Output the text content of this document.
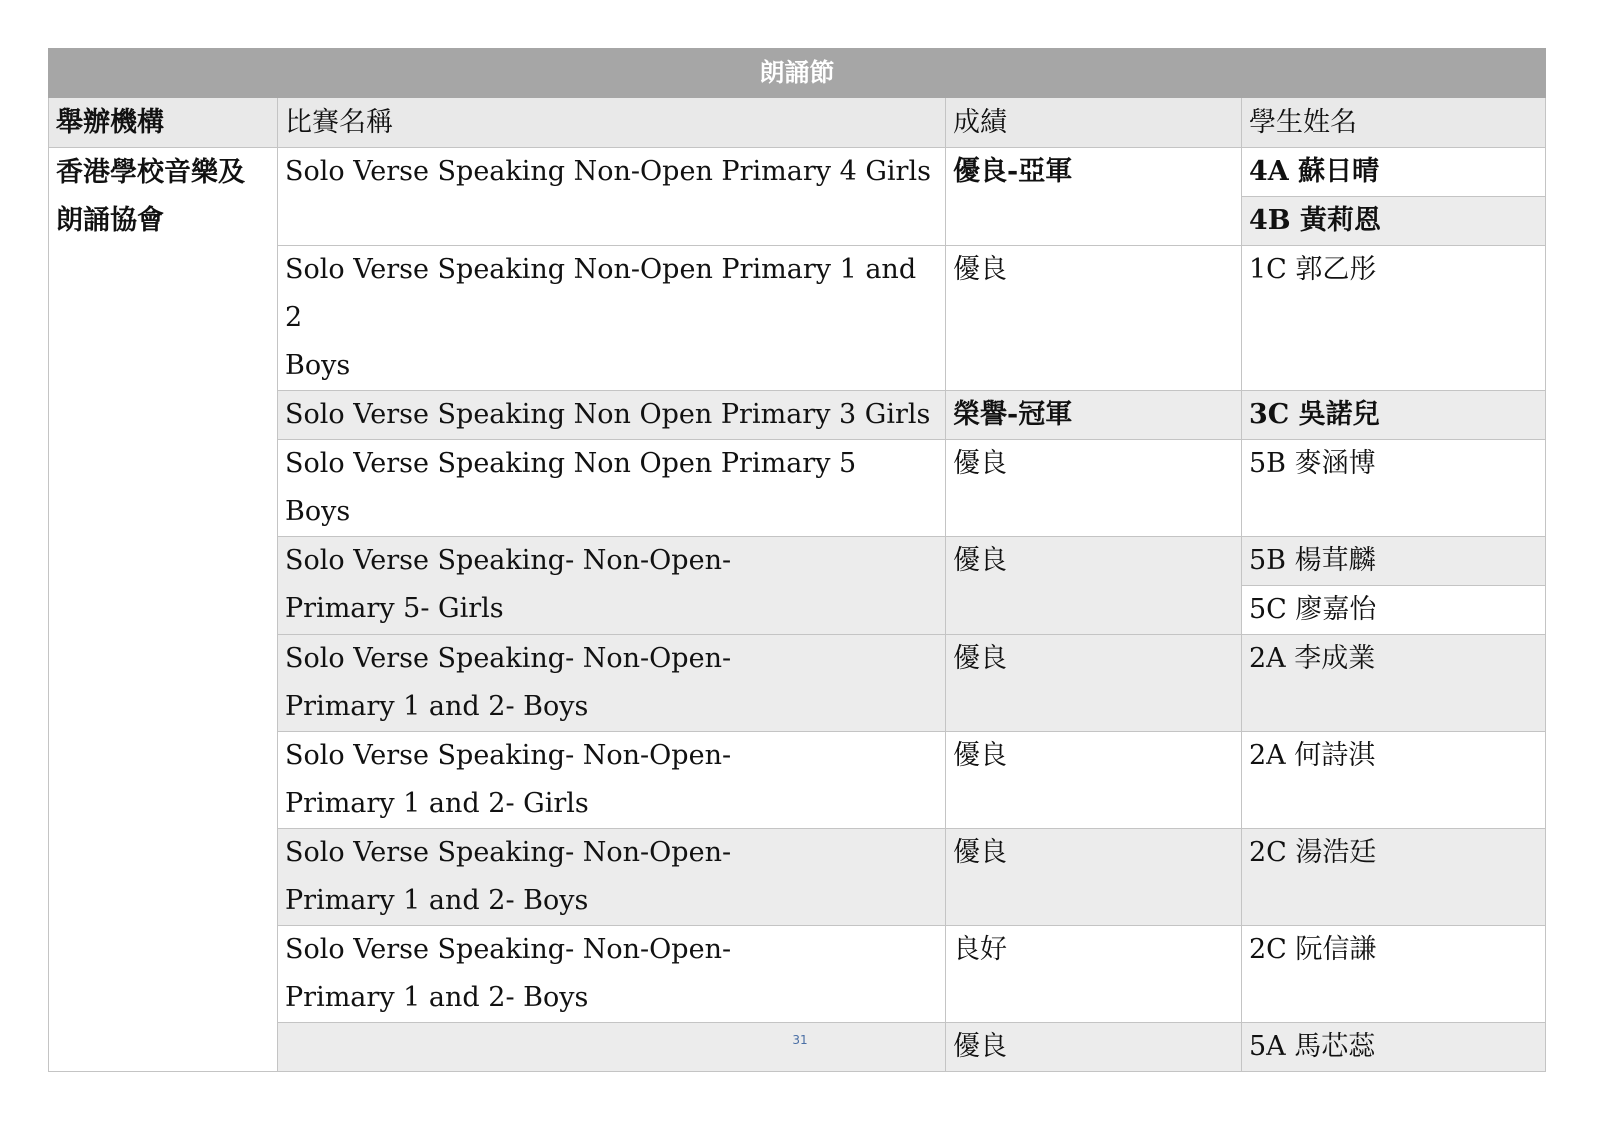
朗誦節			
舉辦機構	比賽名稱	成績	學生姓名
香港學校音樂及
朗誦協會	Solo Verse Speaking Non-Open Primary 4 Girls	優良-亞軍	4A 蘇日晴
			4B 黃莉恩
	Solo Verse Speaking Non-Open Primary 1 and 2
Boys	優良	1C 郭乙彤
	Solo Verse Speaking Non Open Primary 3 Girls	榮譽-冠軍	3C 吳諾兒
	Solo Verse Speaking Non Open Primary 5  Boys	優良	5B 麥涵博
	Solo Verse Speaking- Non-Open-
Primary 5- Girls	優良	5B 楊茸麟
			5C 廖嘉怡
	Solo Verse Speaking- Non-Open-
Primary 1 and 2- Boys	優良	2A 李成業
	Solo Verse Speaking- Non-Open-
Primary 1 and 2- Girls	優良	2A 何詩淇
	Solo Verse Speaking- Non-Open-
Primary 1 and 2- Boys	優良	2C 湯浩廷
	Solo Verse Speaking- Non-Open-
Primary 1 and 2- Boys	良好	2C 阮信謙
		優良	5A 馬芯蕊
31
